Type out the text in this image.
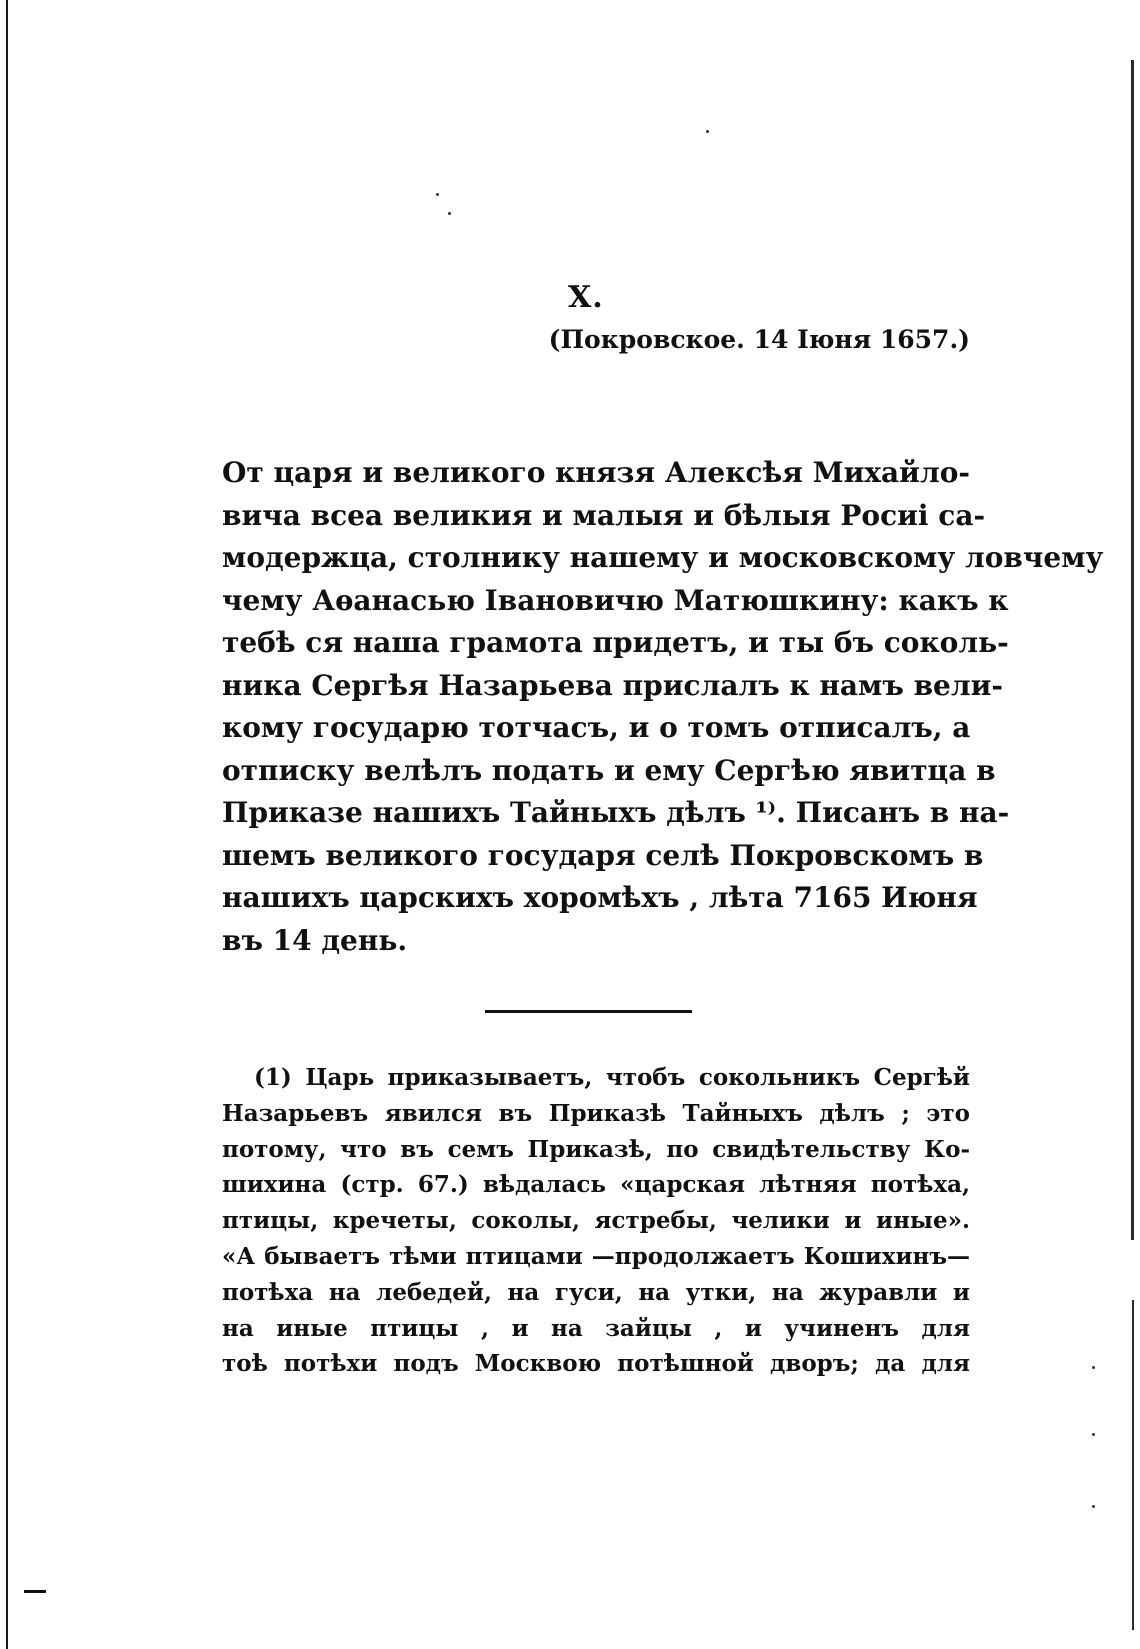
X.
(Покровское. 14 Іюня 1657.)
От царя и великого князя Алексѣя Михайло-
вича всеа великия и малыя и бѣлыя Росиі са-
модержца, столнику нашему и московскому ловчему
чему Аѳанасью Івановичю Матюшкину: какъ к
тебѣ ся наша грамота придетъ, и ты бъ соколь-
ника Сергѣя Назарьева прислалъ к намъ вели-
кому государю тотчасъ, и о томъ отписалъ, а
отписку велѣлъ подать и ему Сергѣю явитца в
Приказе нашихъ Тайныхъ дѣлъ ¹⁾. Писанъ в на-
шемъ великого государя селѣ Покровскомъ в
нашихъ царскихъ хоромѣхъ , лѣта 7165 Июня
въ 14 день.
(1) Царь приказываетъ, чтобъ сокольникъ Сергѣй
Назарьевъ явился въ Приказѣ Тайныхъ дѣлъ ; это
потому, что въ семъ Приказѣ, по свидѣтельству Ко-
шихина (стр. 67.) вѣдалась «царская лѣтняя потѣха,
птицы, кречеты, соколы, ястребы, челики и иные».
«А бываетъ тѣми птицами —продолжаетъ Кошихинъ—
потѣха на лебедей, на гуси, на утки, на журавли и
на иные птицы , и на зайцы , и учиненъ для
тоѣ потѣхи подъ Москвою потѣшной дворъ; да для
